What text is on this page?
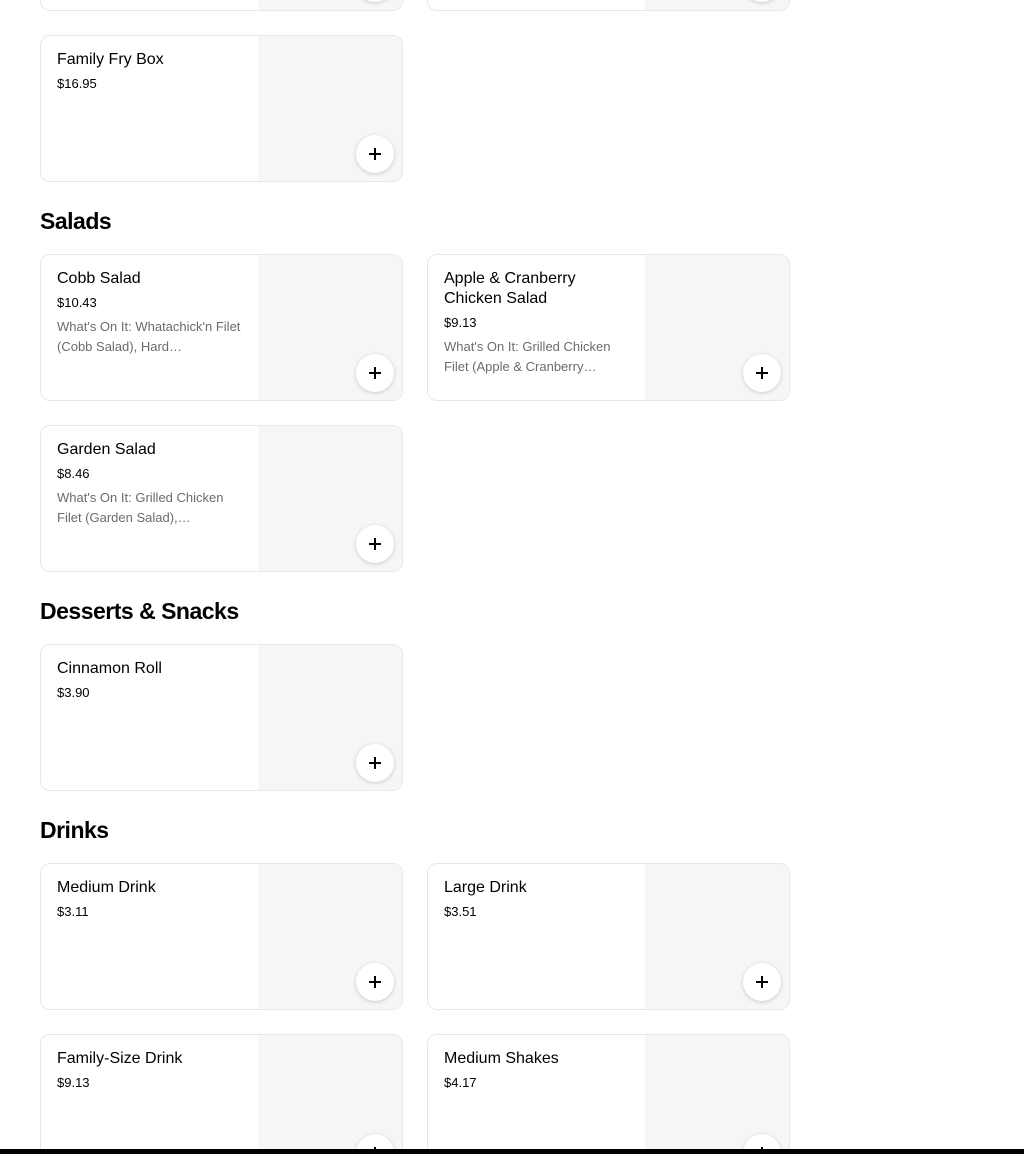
Family Fry Box
$16.95
Salads
Cobb Salad
$10.43
What's On It: Whatachick'n Filet (Cobb Salad), Hard…
Apple & Cranberry Chicken Salad
$9.13
What's On It: Grilled Chicken Filet (Apple & Cranberry…
Garden Salad
$8.46
What's On It: Grilled Chicken Filet (Garden Salad),…
Desserts & Snacks
Cinnamon Roll
$3.90
Drinks
Medium Drink
$3.11
Large Drink
$3.51
Family-Size Drink
$9.13
Medium Shakes
$4.17
